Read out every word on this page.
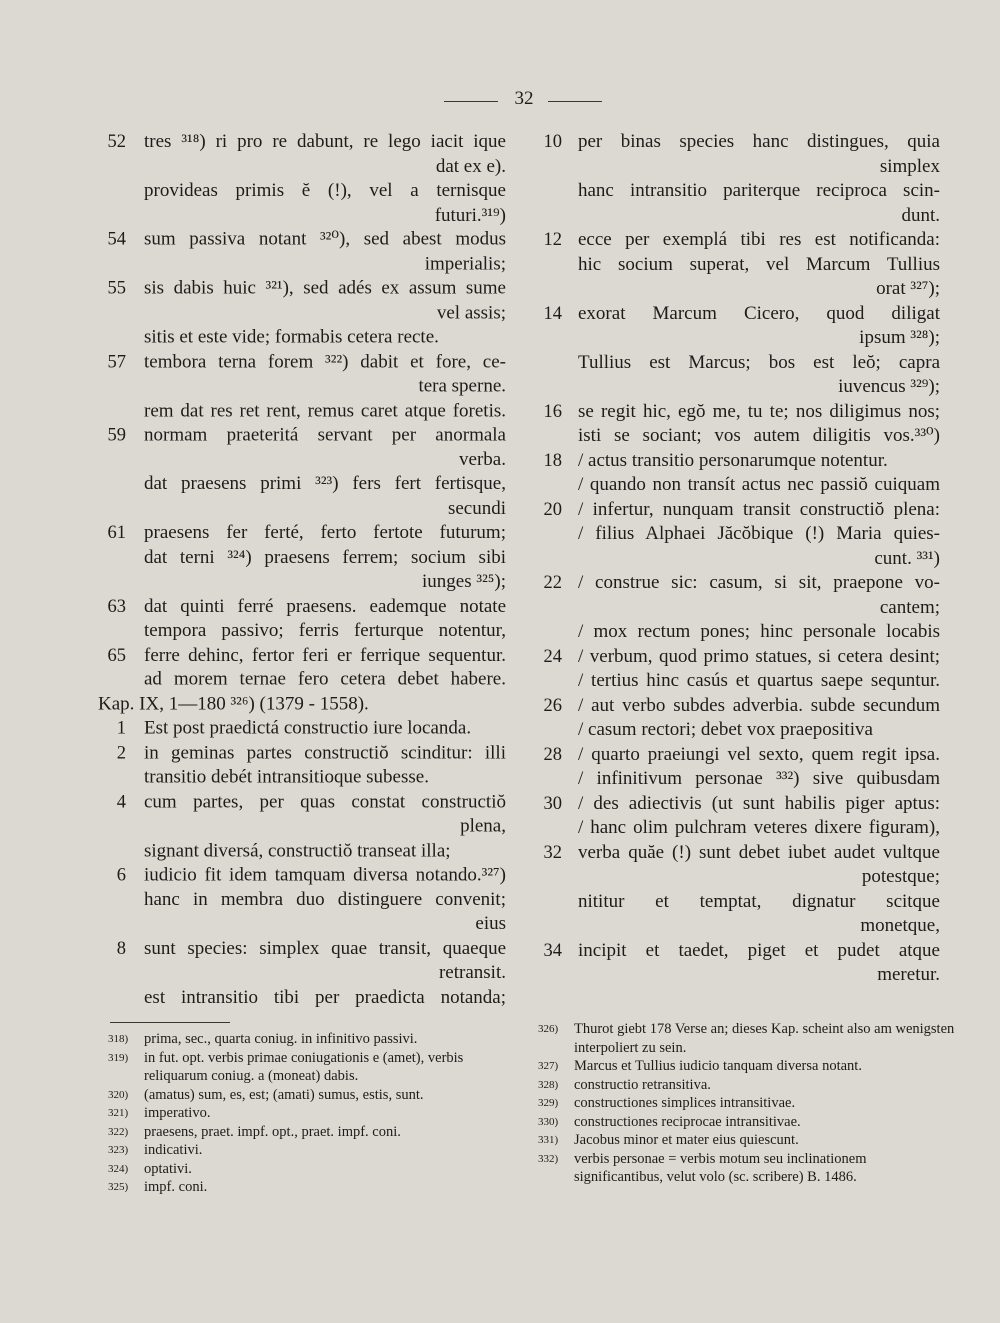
32
52 tres ³¹⁸) ri pro re dabunt, re lego iacit ique
dat ex e).
provideas primis ĕ (!), vel a ternisque
futuri.³¹⁹)
54 sum passiva notant ³²⁰), sed abest modus
imperialis;
55 sis dabis huic ³²¹), sed adés ex assum sume
vel assis;
sitis et este vide; formabis cetera recte.
57 tembora terna forem ³²²) dabit et fore, ce-
tera sperne.
rem dat res ret rent, remus caret atque foretis.
59 normam praeteritá servant per anormala
verba.
dat praesens primi ³²³) fers fert fertisque,
secundi
61 praesens fer ferté, ferto fertote futurum;
dat terni ³²⁴) praesens ferrem; socium sibi
iunges ³²⁵);
63 dat quinti ferré praesens. eademque notate
tempora passivo; ferris ferturque notentur,
65 ferre dehinc, fertor feri er ferrique sequentur.
ad morem ternae fero cetera debet habere.
Kap. IX, 1—180 ³²⁶) (1379 - 1558).
1 Est post praedictá constructio iure locanda.
2 in geminas partes constructiŏ scinditur: illi
transitio debét intransitioque subesse.
4 cum partes, per quas constat constructiŏ
plena,
signant diversá, constructiŏ transeat illa;
6 iudicio fit idem tamquam diversa notando.³²⁷)
hanc in membra duo distinguere convenit;
eius
8 sunt species: simplex quae transit, quaeque
retransit.
est intransitio tibi per praedicta notanda;
10 per binas species hanc distingues, quia
simplex
hanc intransitio pariterque reciproca scin-
dunt.
12 ecce per exemplá tibi res est notificanda:
hic socium superat, vel Marcum Tullius
orat ³²⁷);
14 exorat Marcum Cicero, quod diligat
ipsum ³²⁸);
Tullius est Marcus; bos est leŏ; capra
iuvencus ³²⁹);
16 se regit hic, egŏ me, tu te; nos diligimus nos;
isti se sociant; vos autem diligitis vos.³³⁰)
18 / actus transitio personarumque notentur.
/ quando non transít actus nec passiŏ cuiquam
20 / infertur, nunquam transit constructiŏ plena:
/ filius Alphaei Jăcŏbique (!) Maria quies-
cunt. ³³¹)
22 / construe sic: casum, si sit, praepone vo-
cantem;
/ mox rectum pones; hinc personale locabis
24 / verbum, quod primo statues, si cetera desint;
/ tertius hinc casús et quartus saepe sequntur.
26 / aut verbo subdes adverbia. subde secundum
/ casum rectori; debet vox praepositiva
28 / quarto praeiungi vel sexto, quem regit ipsa.
/ infinitivum personae ³³²) sive quibusdam
30 / des adiectivis (ut sunt habilis piger aptus:
/ hanc olim pulchram veteres dixere figuram),
32 verba quăe (!) sunt debet iubet audet vultque
potestque;
nititur et temptat, dignatur scitque
monetque,
34 incipit et taedet, piget et pudet atque
meretur.
318) prima, sec., quarta coniug. in infinitivo passivi.
319) in fut. opt. verbis primae coniugationis e (amet), verbis reliquarum coniug. a (moneat) dabis.
320) (amatus) sum, es, est; (amati) sumus, estis, sunt.
321) imperativo.
322) praesens, praet. impf. opt., praet. impf. coni.
323) indicativi.
324) optativi.
325) impf. coni.
326) Thurot giebt 178 Verse an; dieses Kap. scheint also am wenigsten interpoliert zu sein.
327) Marcus et Tullius iudicio tanquam diversa notant.
328) constructio retransitiva.
329) constructiones simplices intransitivae.
330) constructiones reciprocae intransitivae.
331) Jacobus minor et mater eius quiescunt.
332) verbis personae = verbis motum seu inclinationem significantibus, velut volo (sc. scribere) B. 1486.
